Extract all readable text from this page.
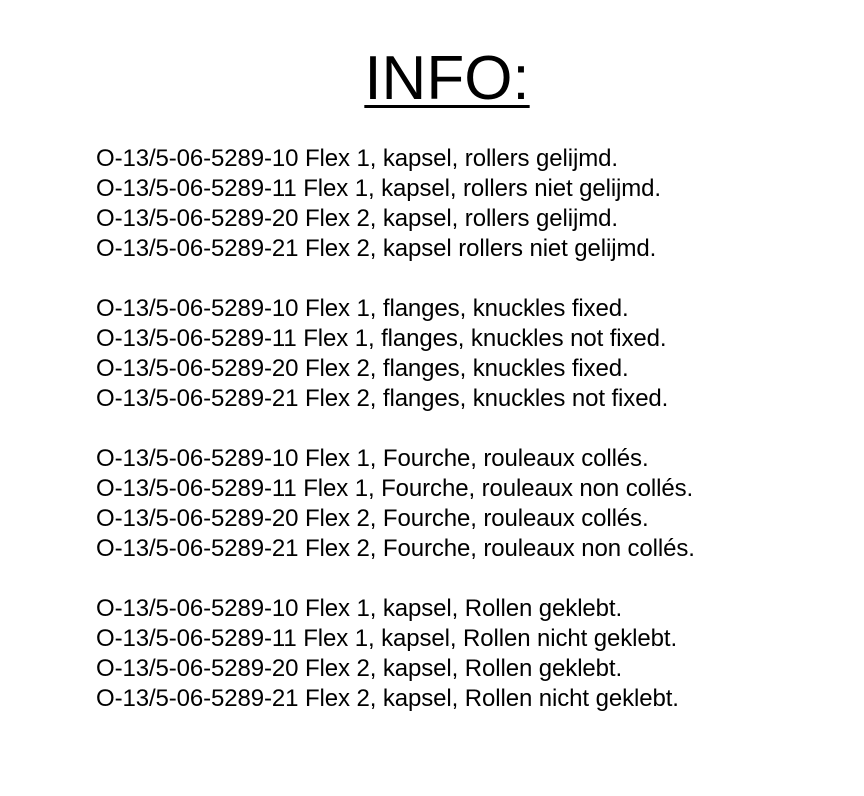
INFO:
O-13/5-06-5289-10 Flex 1, kapsel, rollers gelijmd.
O-13/5-06-5289-11 Flex 1, kapsel, rollers niet gelijmd.
O-13/5-06-5289-20 Flex 2, kapsel, rollers gelijmd.
O-13/5-06-5289-21 Flex 2, kapsel rollers niet gelijmd.
O-13/5-06-5289-10 Flex 1, flanges, knuckles fixed.
O-13/5-06-5289-11 Flex 1, flanges, knuckles not fixed.
O-13/5-06-5289-20 Flex 2, flanges, knuckles fixed.
O-13/5-06-5289-21 Flex 2, flanges, knuckles not fixed.
O-13/5-06-5289-10 Flex 1, Fourche, rouleaux collés.
O-13/5-06-5289-11 Flex 1, Fourche, rouleaux non collés.
O-13/5-06-5289-20 Flex 2, Fourche, rouleaux collés.
O-13/5-06-5289-21 Flex 2, Fourche, rouleaux non collés.
O-13/5-06-5289-10 Flex 1, kapsel, Rollen geklebt.
O-13/5-06-5289-11 Flex 1, kapsel, Rollen nicht geklebt.
O-13/5-06-5289-20 Flex 2, kapsel, Rollen geklebt.
O-13/5-06-5289-21 Flex 2, kapsel, Rollen nicht geklebt.
